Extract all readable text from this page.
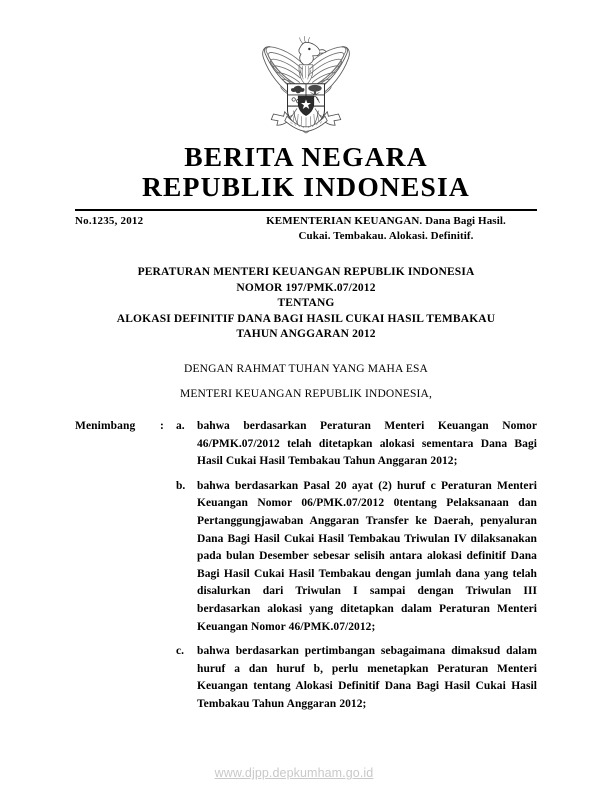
BERITA NEGARA
REPUBLIK INDONESIA
No.1235, 2012	KEMENTERIAN KEUANGAN. Dana Bagi Hasil.
Cukai. Tembakau. Alokasi. Definitif.
PERATURAN MENTERI KEUANGAN REPUBLIK INDONESIA
NOMOR 197/PMK.07/2012
TENTANG
ALOKASI DEFINITIF DANA BAGI HASIL CUKAI HASIL TEMBAKAU
TAHUN ANGGARAN 2012
DENGAN RAHMAT TUHAN YANG MAHA ESA
MENTERI KEUANGAN REPUBLIK INDONESIA,
Menimbang	:	a.	bahwa berdasarkan Peraturan Menteri Keuangan Nomor 46/PMK.07/2012 telah ditetapkan alokasi sementara Dana Bagi Hasil Cukai Hasil Tembakau Tahun Anggaran 2012;
b.	bahwa berdasarkan Pasal 20 ayat (2) huruf c Peraturan Menteri Keuangan Nomor 06/PMK.07/2012 0tentang Pelaksanaan dan Pertanggungjawaban Anggaran Transfer ke Daerah, penyaluran Dana Bagi Hasil Cukai Hasil Tembakau Triwulan IV dilaksanakan pada bulan Desember sebesar selisih antara alokasi definitif Dana Bagi Hasil Cukai Hasil Tembakau dengan jumlah dana yang telah disalurkan dari Triwulan I sampai dengan Triwulan III berdasarkan alokasi yang ditetapkan dalam Peraturan Menteri Keuangan Nomor 46/PMK.07/2012;
c.	bahwa berdasarkan pertimbangan sebagaimana dimaksud dalam huruf a dan huruf b, perlu menetapkan Peraturan Menteri Keuangan tentang Alokasi Definitif Dana Bagi Hasil Cukai Hasil Tembakau Tahun Anggaran 2012;
www.djpp.depkumham.go.id
